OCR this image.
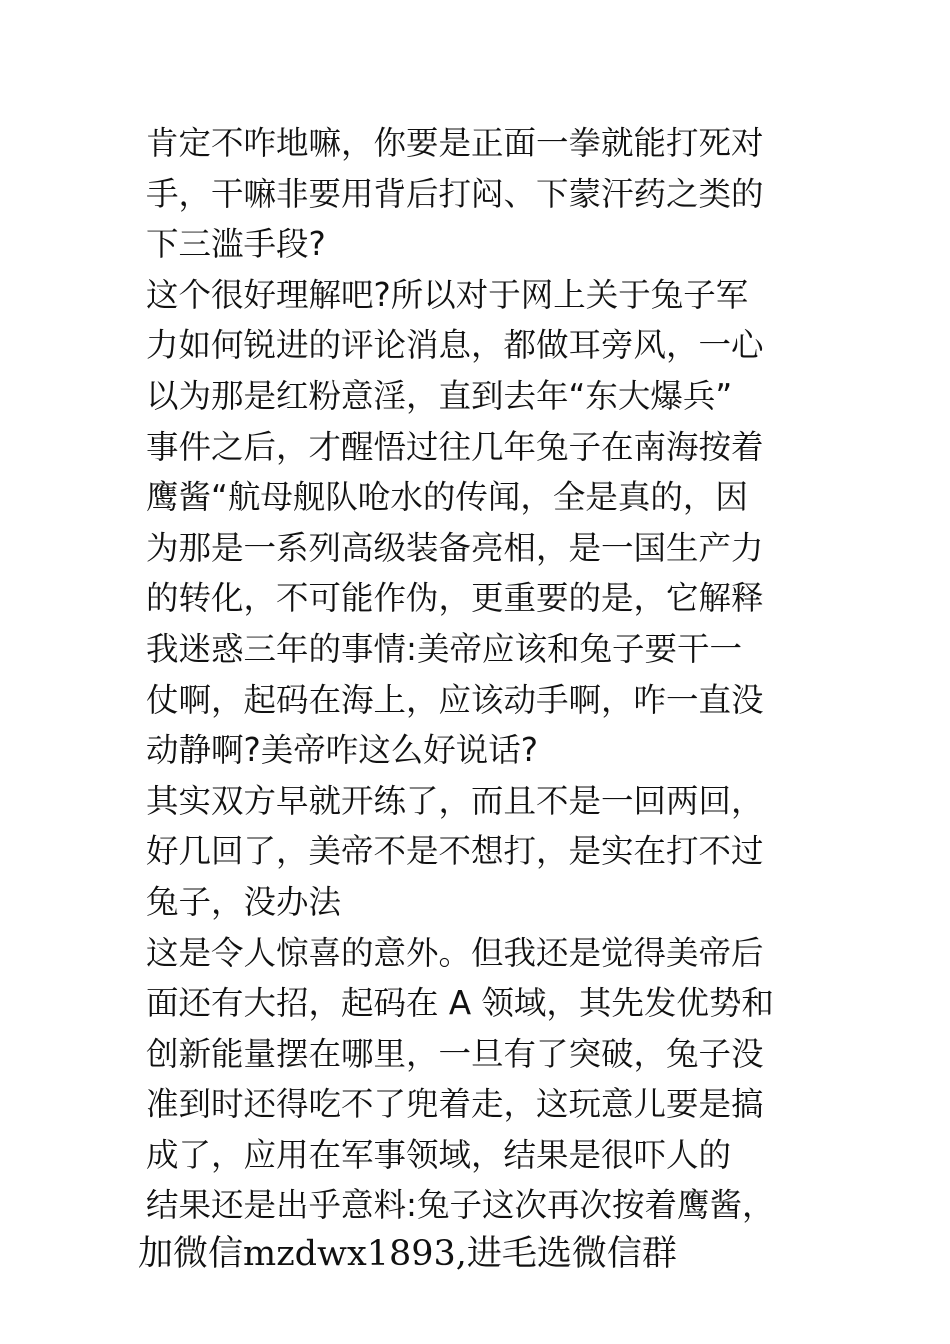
肯定不咋地嘛，你要是正面一拳就能打死对
手，干嘛非要用背后打闷、下蒙汗药之类的
下三滥手段?
这个很好理解吧?所以对于网上关于兔子军
力如何锐进的评论消息，都做耳旁风，一心
以为那是红粉意淫，直到去年“东大爆兵”
事件之后，才醒悟过往几年兔子在南海按着
鹰酱“航母舰队呛水的传闻，全是真的，因
为那是一系列高级装备亮相，是一国生产力
的转化，不可能作伪，更重要的是，它解释
我迷惑三年的事情:美帝应该和兔子要干一
仗啊，起码在海上，应该动手啊，咋一直没
动静啊?美帝咋这么好说话?
其实双方早就开练了，而且不是一回两回，
好几回了，美帝不是不想打，是实在打不过
兔子，没办法
这是令人惊喜的意外。但我还是觉得美帝后
面还有大招，起码在 A 领域，其先发优势和
创新能量摆在哪里，一旦有了突破，兔子没
准到时还得吃不了兜着走，这玩意儿要是搞
成了，应用在军事领域，结果是很吓人的
结果还是出乎意料:兔子这次再次按着鹰酱，
加微信mzdwx1893,进毛选微信群
